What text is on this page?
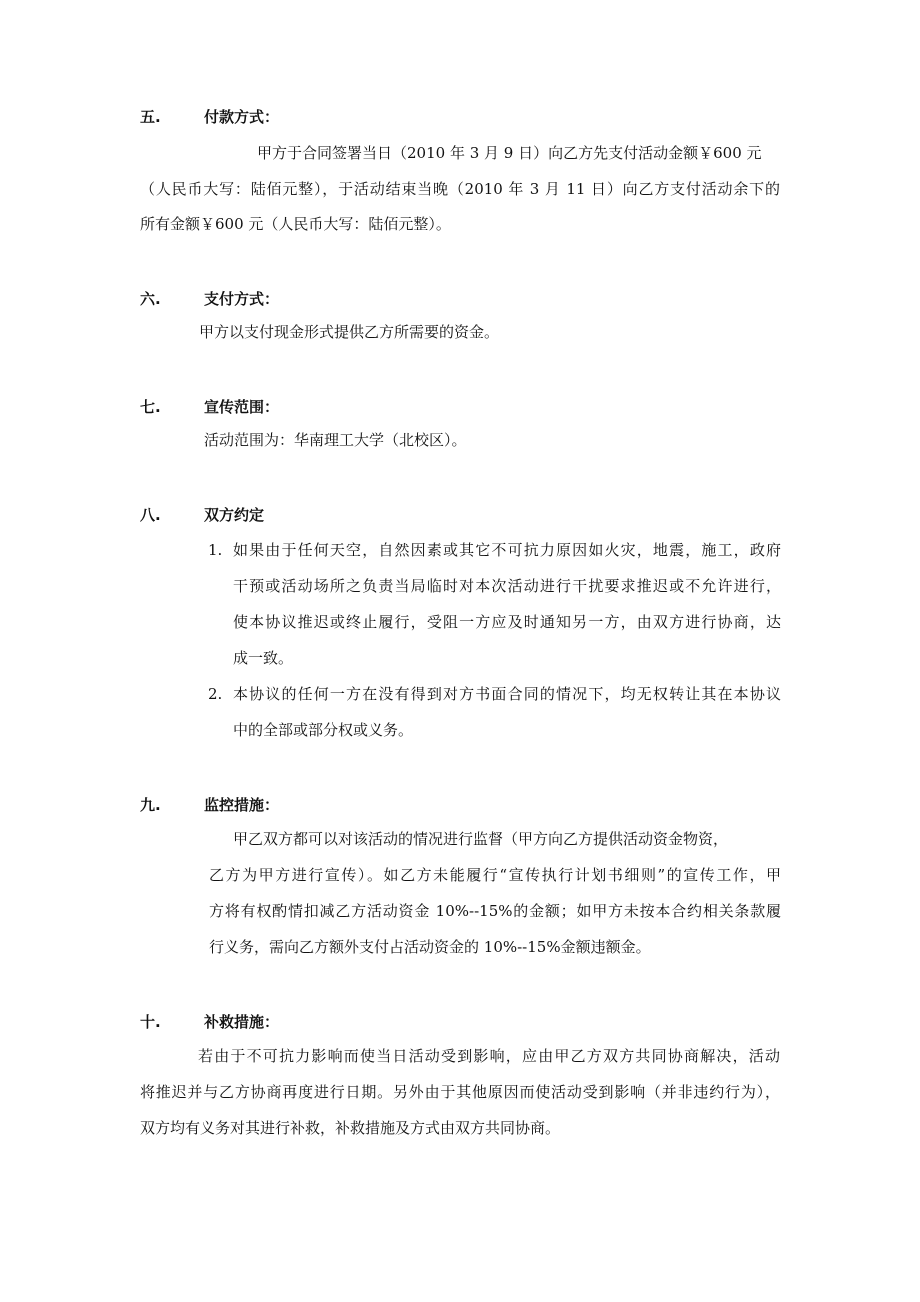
五.	付款方式：
甲方于合同签署当日（2010 年 3 月 9 日）向乙方先支付活动金额￥600 元
（人民币大写：陆佰元整），于活动结束当晚（2010 年 3 月 11 日）向乙方支付活动余下的
所有金额￥600 元（人民币大写：陆佰元整）。
六.	支付方式：
甲方以支付现金形式提供乙方所需要的资金。
七.	宣传范围：
活动范围为：华南理工大学（北校区）。
八.	双方约定
1. 如果由于任何天空，自然因素或其它不可抗力原因如火灾，地震，施工，政府
干预或活动场所之负责当局临时对本次活动进行干扰要求推迟或不允许进行，
使本协议推迟或终止履行，受阻一方应及时通知另一方，由双方进行协商，达
成一致。
2. 本协议的任何一方在没有得到对方书面合同的情况下，均无权转让其在本协议
中的全部或部分权或义务。
九.	监控措施：
甲乙双方都可以对该活动的情况进行监督（甲方向乙方提供活动资金物资，
乙方为甲方进行宣传）。如乙方未能履行“宣传执行计划书细则”的宣传工作，甲
方将有权酌情扣减乙方活动资金 10%--15%的金额；如甲方未按本合约相关条款履
行义务，需向乙方额外支付占活动资金的 10%--15%金额违额金。
十.	补救措施：
若由于不可抗力影响而使当日活动受到影响，应由甲乙方双方共同协商解决，活动
将推迟并与乙方协商再度进行日期。另外由于其他原因而使活动受到影响（并非违约行为），
双方均有义务对其进行补救，补救措施及方式由双方共同协商。
